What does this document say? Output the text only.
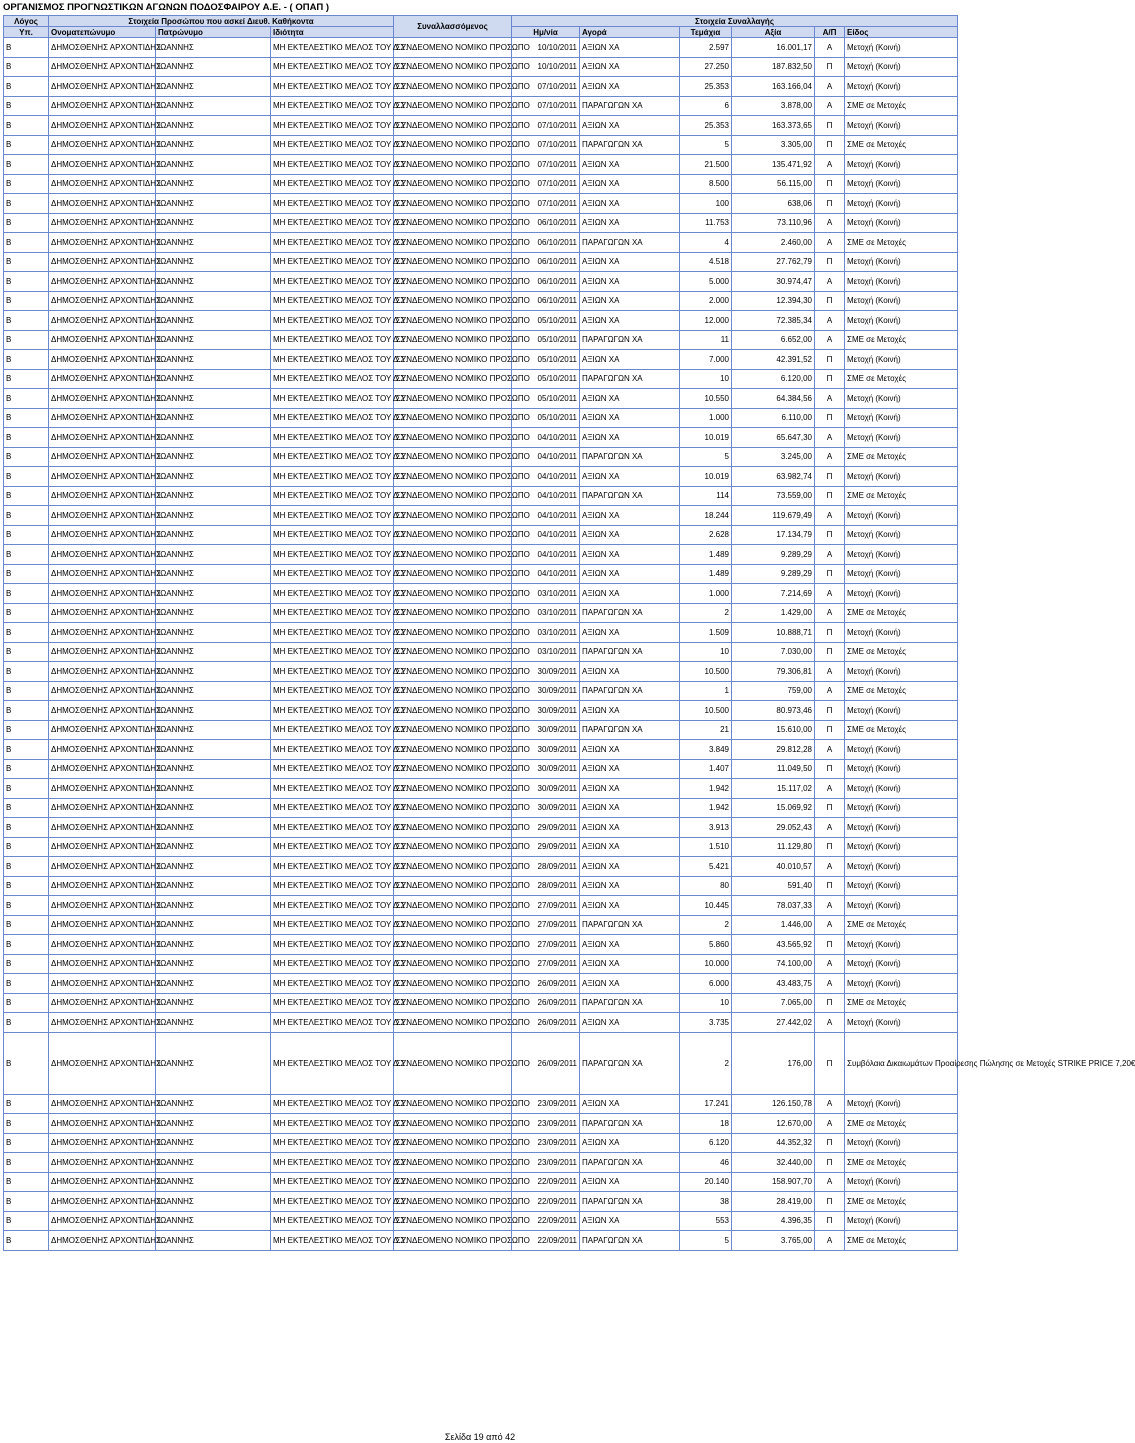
ΟΡΓΑΝΙΣΜΟΣ ΠΡΟΓΝΩΣΤΙΚΩΝ ΑΓΩΝΩΝ ΠΟΔΟΣΦΑΙΡΟΥ Α.Ε. - ( ΟΠΑΠ )
Λόγος	Στοιχεία Προσώπου που ασκεί Διευθ. Καθήκοντα			Συναλλασσόμενος	Στοιχεία Συναλλαγής					
Υπ.	Ονοματεπώνυμο	Πατρώνυμο	Ιδιότητα		Ημ/νία	Αγορά	Τεμάχια	Αξία	Α/Π	Είδος
Β	ΔΗΜΟΣΘΕΝΗΣ ΑΡΧΟΝΤΙΔΗΣ	ΙΩΑΝΝΗΣ	ΜΗ ΕΚΤΕΛΕΣΤΙΚΟ ΜΕΛΟΣ ΤΟΥ Δ.Σ.	ΣΥΝΔΕΟΜΕΝΟ ΝΟΜΙΚΟ ΠΡΟΣΩΠΟ	10/10/2011	ΑΞΙΩΝ ΧΑ	2.597	16.001,17	Α	Μετοχή (Κοινή)
Β	ΔΗΜΟΣΘΕΝΗΣ ΑΡΧΟΝΤΙΔΗΣ	ΙΩΑΝΝΗΣ	ΜΗ ΕΚΤΕΛΕΣΤΙΚΟ ΜΕΛΟΣ ΤΟΥ Δ.Σ.	ΣΥΝΔΕΟΜΕΝΟ ΝΟΜΙΚΟ ΠΡΟΣΩΠΟ	10/10/2011	ΑΞΙΩΝ ΧΑ	27.250	187.832,50	Π	Μετοχή (Κοινή)
Β	ΔΗΜΟΣΘΕΝΗΣ ΑΡΧΟΝΤΙΔΗΣ	ΙΩΑΝΝΗΣ	ΜΗ ΕΚΤΕΛΕΣΤΙΚΟ ΜΕΛΟΣ ΤΟΥ Δ.Σ.	ΣΥΝΔΕΟΜΕΝΟ ΝΟΜΙΚΟ ΠΡΟΣΩΠΟ	07/10/2011	ΑΞΙΩΝ ΧΑ	25.353	163.166,04	Α	Μετοχή (Κοινή)
Β	ΔΗΜΟΣΘΕΝΗΣ ΑΡΧΟΝΤΙΔΗΣ	ΙΩΑΝΝΗΣ	ΜΗ ΕΚΤΕΛΕΣΤΙΚΟ ΜΕΛΟΣ ΤΟΥ Δ.Σ.	ΣΥΝΔΕΟΜΕΝΟ ΝΟΜΙΚΟ ΠΡΟΣΩΠΟ	07/10/2011	ΠΑΡΑΓΩΓΩΝ ΧΑ	6	3.878,00	Α	ΣΜΕ σε Μετοχές
Β	ΔΗΜΟΣΘΕΝΗΣ ΑΡΧΟΝΤΙΔΗΣ	ΙΩΑΝΝΗΣ	ΜΗ ΕΚΤΕΛΕΣΤΙΚΟ ΜΕΛΟΣ ΤΟΥ Δ.Σ.	ΣΥΝΔΕΟΜΕΝΟ ΝΟΜΙΚΟ ΠΡΟΣΩΠΟ	07/10/2011	ΑΞΙΩΝ ΧΑ	25.353	163.373,65	Π	Μετοχή (Κοινή)
Β	ΔΗΜΟΣΘΕΝΗΣ ΑΡΧΟΝΤΙΔΗΣ	ΙΩΑΝΝΗΣ	ΜΗ ΕΚΤΕΛΕΣΤΙΚΟ ΜΕΛΟΣ ΤΟΥ Δ.Σ.	ΣΥΝΔΕΟΜΕΝΟ ΝΟΜΙΚΟ ΠΡΟΣΩΠΟ	07/10/2011	ΠΑΡΑΓΩΓΩΝ ΧΑ	5	3.305,00	Π	ΣΜΕ σε Μετοχές
Β	ΔΗΜΟΣΘΕΝΗΣ ΑΡΧΟΝΤΙΔΗΣ	ΙΩΑΝΝΗΣ	ΜΗ ΕΚΤΕΛΕΣΤΙΚΟ ΜΕΛΟΣ ΤΟΥ Δ.Σ.	ΣΥΝΔΕΟΜΕΝΟ ΝΟΜΙΚΟ ΠΡΟΣΩΠΟ	07/10/2011	ΑΞΙΩΝ ΧΑ	21.500	135.471,92	Α	Μετοχή (Κοινή)
Β	ΔΗΜΟΣΘΕΝΗΣ ΑΡΧΟΝΤΙΔΗΣ	ΙΩΑΝΝΗΣ	ΜΗ ΕΚΤΕΛΕΣΤΙΚΟ ΜΕΛΟΣ ΤΟΥ Δ.Σ.	ΣΥΝΔΕΟΜΕΝΟ ΝΟΜΙΚΟ ΠΡΟΣΩΠΟ	07/10/2011	ΑΞΙΩΝ ΧΑ	8.500	56.115,00	Π	Μετοχή (Κοινή)
Β	ΔΗΜΟΣΘΕΝΗΣ ΑΡΧΟΝΤΙΔΗΣ	ΙΩΑΝΝΗΣ	ΜΗ ΕΚΤΕΛΕΣΤΙΚΟ ΜΕΛΟΣ ΤΟΥ Δ.Σ.	ΣΥΝΔΕΟΜΕΝΟ ΝΟΜΙΚΟ ΠΡΟΣΩΠΟ	07/10/2011	ΑΞΙΩΝ ΧΑ	100	638,06	Π	Μετοχή (Κοινή)
Β	ΔΗΜΟΣΘΕΝΗΣ ΑΡΧΟΝΤΙΔΗΣ	ΙΩΑΝΝΗΣ	ΜΗ ΕΚΤΕΛΕΣΤΙΚΟ ΜΕΛΟΣ ΤΟΥ Δ.Σ.	ΣΥΝΔΕΟΜΕΝΟ ΝΟΜΙΚΟ ΠΡΟΣΩΠΟ	06/10/2011	ΑΞΙΩΝ ΧΑ	11.753	73.110,96	Α	Μετοχή (Κοινή)
Β	ΔΗΜΟΣΘΕΝΗΣ ΑΡΧΟΝΤΙΔΗΣ	ΙΩΑΝΝΗΣ	ΜΗ ΕΚΤΕΛΕΣΤΙΚΟ ΜΕΛΟΣ ΤΟΥ Δ.Σ.	ΣΥΝΔΕΟΜΕΝΟ ΝΟΜΙΚΟ ΠΡΟΣΩΠΟ	06/10/2011	ΠΑΡΑΓΩΓΩΝ ΧΑ	4	2.460,00	Α	ΣΜΕ σε Μετοχές
Β	ΔΗΜΟΣΘΕΝΗΣ ΑΡΧΟΝΤΙΔΗΣ	ΙΩΑΝΝΗΣ	ΜΗ ΕΚΤΕΛΕΣΤΙΚΟ ΜΕΛΟΣ ΤΟΥ Δ.Σ.	ΣΥΝΔΕΟΜΕΝΟ ΝΟΜΙΚΟ ΠΡΟΣΩΠΟ	06/10/2011	ΑΞΙΩΝ ΧΑ	4.518	27.762,79	Π	Μετοχή (Κοινή)
Β	ΔΗΜΟΣΘΕΝΗΣ ΑΡΧΟΝΤΙΔΗΣ	ΙΩΑΝΝΗΣ	ΜΗ ΕΚΤΕΛΕΣΤΙΚΟ ΜΕΛΟΣ ΤΟΥ Δ.Σ.	ΣΥΝΔΕΟΜΕΝΟ ΝΟΜΙΚΟ ΠΡΟΣΩΠΟ	06/10/2011	ΑΞΙΩΝ ΧΑ	5.000	30.974,47	Α	Μετοχή (Κοινή)
Β	ΔΗΜΟΣΘΕΝΗΣ ΑΡΧΟΝΤΙΔΗΣ	ΙΩΑΝΝΗΣ	ΜΗ ΕΚΤΕΛΕΣΤΙΚΟ ΜΕΛΟΣ ΤΟΥ Δ.Σ.	ΣΥΝΔΕΟΜΕΝΟ ΝΟΜΙΚΟ ΠΡΟΣΩΠΟ	06/10/2011	ΑΞΙΩΝ ΧΑ	2.000	12.394,30	Π	Μετοχή (Κοινή)
Β	ΔΗΜΟΣΘΕΝΗΣ ΑΡΧΟΝΤΙΔΗΣ	ΙΩΑΝΝΗΣ	ΜΗ ΕΚΤΕΛΕΣΤΙΚΟ ΜΕΛΟΣ ΤΟΥ Δ.Σ.	ΣΥΝΔΕΟΜΕΝΟ ΝΟΜΙΚΟ ΠΡΟΣΩΠΟ	05/10/2011	ΑΞΙΩΝ ΧΑ	12.000	72.385,34	Α	Μετοχή (Κοινή)
Β	ΔΗΜΟΣΘΕΝΗΣ ΑΡΧΟΝΤΙΔΗΣ	ΙΩΑΝΝΗΣ	ΜΗ ΕΚΤΕΛΕΣΤΙΚΟ ΜΕΛΟΣ ΤΟΥ Δ.Σ.	ΣΥΝΔΕΟΜΕΝΟ ΝΟΜΙΚΟ ΠΡΟΣΩΠΟ	05/10/2011	ΠΑΡΑΓΩΓΩΝ ΧΑ	11	6.652,00	Α	ΣΜΕ σε Μετοχές
Β	ΔΗΜΟΣΘΕΝΗΣ ΑΡΧΟΝΤΙΔΗΣ	ΙΩΑΝΝΗΣ	ΜΗ ΕΚΤΕΛΕΣΤΙΚΟ ΜΕΛΟΣ ΤΟΥ Δ.Σ.	ΣΥΝΔΕΟΜΕΝΟ ΝΟΜΙΚΟ ΠΡΟΣΩΠΟ	05/10/2011	ΑΞΙΩΝ ΧΑ	7.000	42.391,52	Π	Μετοχή (Κοινή)
Β	ΔΗΜΟΣΘΕΝΗΣ ΑΡΧΟΝΤΙΔΗΣ	ΙΩΑΝΝΗΣ	ΜΗ ΕΚΤΕΛΕΣΤΙΚΟ ΜΕΛΟΣ ΤΟΥ Δ.Σ.	ΣΥΝΔΕΟΜΕΝΟ ΝΟΜΙΚΟ ΠΡΟΣΩΠΟ	05/10/2011	ΠΑΡΑΓΩΓΩΝ ΧΑ	10	6.120,00	Π	ΣΜΕ σε Μετοχές
Β	ΔΗΜΟΣΘΕΝΗΣ ΑΡΧΟΝΤΙΔΗΣ	ΙΩΑΝΝΗΣ	ΜΗ ΕΚΤΕΛΕΣΤΙΚΟ ΜΕΛΟΣ ΤΟΥ Δ.Σ.	ΣΥΝΔΕΟΜΕΝΟ ΝΟΜΙΚΟ ΠΡΟΣΩΠΟ	05/10/2011	ΑΞΙΩΝ ΧΑ	10.550	64.384,56	Α	Μετοχή (Κοινή)
Β	ΔΗΜΟΣΘΕΝΗΣ ΑΡΧΟΝΤΙΔΗΣ	ΙΩΑΝΝΗΣ	ΜΗ ΕΚΤΕΛΕΣΤΙΚΟ ΜΕΛΟΣ ΤΟΥ Δ.Σ.	ΣΥΝΔΕΟΜΕΝΟ ΝΟΜΙΚΟ ΠΡΟΣΩΠΟ	05/10/2011	ΑΞΙΩΝ ΧΑ	1.000	6.110,00	Π	Μετοχή (Κοινή)
Β	ΔΗΜΟΣΘΕΝΗΣ ΑΡΧΟΝΤΙΔΗΣ	ΙΩΑΝΝΗΣ	ΜΗ ΕΚΤΕΛΕΣΤΙΚΟ ΜΕΛΟΣ ΤΟΥ Δ.Σ.	ΣΥΝΔΕΟΜΕΝΟ ΝΟΜΙΚΟ ΠΡΟΣΩΠΟ	04/10/2011	ΑΞΙΩΝ ΧΑ	10.019	65.647,30	Α	Μετοχή (Κοινή)
Β	ΔΗΜΟΣΘΕΝΗΣ ΑΡΧΟΝΤΙΔΗΣ	ΙΩΑΝΝΗΣ	ΜΗ ΕΚΤΕΛΕΣΤΙΚΟ ΜΕΛΟΣ ΤΟΥ Δ.Σ.	ΣΥΝΔΕΟΜΕΝΟ ΝΟΜΙΚΟ ΠΡΟΣΩΠΟ	04/10/2011	ΠΑΡΑΓΩΓΩΝ ΧΑ	5	3.245,00	Α	ΣΜΕ σε Μετοχές
Β	ΔΗΜΟΣΘΕΝΗΣ ΑΡΧΟΝΤΙΔΗΣ	ΙΩΑΝΝΗΣ	ΜΗ ΕΚΤΕΛΕΣΤΙΚΟ ΜΕΛΟΣ ΤΟΥ Δ.Σ.	ΣΥΝΔΕΟΜΕΝΟ ΝΟΜΙΚΟ ΠΡΟΣΩΠΟ	04/10/2011	ΑΞΙΩΝ ΧΑ	10.019	63.982,74	Π	Μετοχή (Κοινή)
Β	ΔΗΜΟΣΘΕΝΗΣ ΑΡΧΟΝΤΙΔΗΣ	ΙΩΑΝΝΗΣ	ΜΗ ΕΚΤΕΛΕΣΤΙΚΟ ΜΕΛΟΣ ΤΟΥ Δ.Σ.	ΣΥΝΔΕΟΜΕΝΟ ΝΟΜΙΚΟ ΠΡΟΣΩΠΟ	04/10/2011	ΠΑΡΑΓΩΓΩΝ ΧΑ	114	73.559,00	Π	ΣΜΕ σε Μετοχές
Β	ΔΗΜΟΣΘΕΝΗΣ ΑΡΧΟΝΤΙΔΗΣ	ΙΩΑΝΝΗΣ	ΜΗ ΕΚΤΕΛΕΣΤΙΚΟ ΜΕΛΟΣ ΤΟΥ Δ.Σ.	ΣΥΝΔΕΟΜΕΝΟ ΝΟΜΙΚΟ ΠΡΟΣΩΠΟ	04/10/2011	ΑΞΙΩΝ ΧΑ	18.244	119.679,49	Α	Μετοχή (Κοινή)
Β	ΔΗΜΟΣΘΕΝΗΣ ΑΡΧΟΝΤΙΔΗΣ	ΙΩΑΝΝΗΣ	ΜΗ ΕΚΤΕΛΕΣΤΙΚΟ ΜΕΛΟΣ ΤΟΥ Δ.Σ.	ΣΥΝΔΕΟΜΕΝΟ ΝΟΜΙΚΟ ΠΡΟΣΩΠΟ	04/10/2011	ΑΞΙΩΝ ΧΑ	2.628	17.134,79	Π	Μετοχή (Κοινή)
Β	ΔΗΜΟΣΘΕΝΗΣ ΑΡΧΟΝΤΙΔΗΣ	ΙΩΑΝΝΗΣ	ΜΗ ΕΚΤΕΛΕΣΤΙΚΟ ΜΕΛΟΣ ΤΟΥ Δ.Σ.	ΣΥΝΔΕΟΜΕΝΟ ΝΟΜΙΚΟ ΠΡΟΣΩΠΟ	04/10/2011	ΑΞΙΩΝ ΧΑ	1.489	9.289,29	Α	Μετοχή (Κοινή)
Β	ΔΗΜΟΣΘΕΝΗΣ ΑΡΧΟΝΤΙΔΗΣ	ΙΩΑΝΝΗΣ	ΜΗ ΕΚΤΕΛΕΣΤΙΚΟ ΜΕΛΟΣ ΤΟΥ Δ.Σ.	ΣΥΝΔΕΟΜΕΝΟ ΝΟΜΙΚΟ ΠΡΟΣΩΠΟ	04/10/2011	ΑΞΙΩΝ ΧΑ	1.489	9.289,29	Π	Μετοχή (Κοινή)
Β	ΔΗΜΟΣΘΕΝΗΣ ΑΡΧΟΝΤΙΔΗΣ	ΙΩΑΝΝΗΣ	ΜΗ ΕΚΤΕΛΕΣΤΙΚΟ ΜΕΛΟΣ ΤΟΥ Δ.Σ.	ΣΥΝΔΕΟΜΕΝΟ ΝΟΜΙΚΟ ΠΡΟΣΩΠΟ	03/10/2011	ΑΞΙΩΝ ΧΑ	1.000	7.214,69	Α	Μετοχή (Κοινή)
Β	ΔΗΜΟΣΘΕΝΗΣ ΑΡΧΟΝΤΙΔΗΣ	ΙΩΑΝΝΗΣ	ΜΗ ΕΚΤΕΛΕΣΤΙΚΟ ΜΕΛΟΣ ΤΟΥ Δ.Σ.	ΣΥΝΔΕΟΜΕΝΟ ΝΟΜΙΚΟ ΠΡΟΣΩΠΟ	03/10/2011	ΠΑΡΑΓΩΓΩΝ ΧΑ	2	1.429,00	Α	ΣΜΕ σε Μετοχές
Β	ΔΗΜΟΣΘΕΝΗΣ ΑΡΧΟΝΤΙΔΗΣ	ΙΩΑΝΝΗΣ	ΜΗ ΕΚΤΕΛΕΣΤΙΚΟ ΜΕΛΟΣ ΤΟΥ Δ.Σ.	ΣΥΝΔΕΟΜΕΝΟ ΝΟΜΙΚΟ ΠΡΟΣΩΠΟ	03/10/2011	ΑΞΙΩΝ ΧΑ	1.509	10.888,71	Π	Μετοχή (Κοινή)
Β	ΔΗΜΟΣΘΕΝΗΣ ΑΡΧΟΝΤΙΔΗΣ	ΙΩΑΝΝΗΣ	ΜΗ ΕΚΤΕΛΕΣΤΙΚΟ ΜΕΛΟΣ ΤΟΥ Δ.Σ.	ΣΥΝΔΕΟΜΕΝΟ ΝΟΜΙΚΟ ΠΡΟΣΩΠΟ	03/10/2011	ΠΑΡΑΓΩΓΩΝ ΧΑ	10	7.030,00	Π	ΣΜΕ σε Μετοχές
Β	ΔΗΜΟΣΘΕΝΗΣ ΑΡΧΟΝΤΙΔΗΣ	ΙΩΑΝΝΗΣ	ΜΗ ΕΚΤΕΛΕΣΤΙΚΟ ΜΕΛΟΣ ΤΟΥ Δ.Σ.	ΣΥΝΔΕΟΜΕΝΟ ΝΟΜΙΚΟ ΠΡΟΣΩΠΟ	30/09/2011	ΑΞΙΩΝ ΧΑ	10.500	79.306,81	Α	Μετοχή (Κοινή)
Β	ΔΗΜΟΣΘΕΝΗΣ ΑΡΧΟΝΤΙΔΗΣ	ΙΩΑΝΝΗΣ	ΜΗ ΕΚΤΕΛΕΣΤΙΚΟ ΜΕΛΟΣ ΤΟΥ Δ.Σ.	ΣΥΝΔΕΟΜΕΝΟ ΝΟΜΙΚΟ ΠΡΟΣΩΠΟ	30/09/2011	ΠΑΡΑΓΩΓΩΝ ΧΑ	1	759,00	Α	ΣΜΕ σε Μετοχές
Β	ΔΗΜΟΣΘΕΝΗΣ ΑΡΧΟΝΤΙΔΗΣ	ΙΩΑΝΝΗΣ	ΜΗ ΕΚΤΕΛΕΣΤΙΚΟ ΜΕΛΟΣ ΤΟΥ Δ.Σ.	ΣΥΝΔΕΟΜΕΝΟ ΝΟΜΙΚΟ ΠΡΟΣΩΠΟ	30/09/2011	ΑΞΙΩΝ ΧΑ	10.500	80.973,46	Π	Μετοχή (Κοινή)
Β	ΔΗΜΟΣΘΕΝΗΣ ΑΡΧΟΝΤΙΔΗΣ	ΙΩΑΝΝΗΣ	ΜΗ ΕΚΤΕΛΕΣΤΙΚΟ ΜΕΛΟΣ ΤΟΥ Δ.Σ.	ΣΥΝΔΕΟΜΕΝΟ ΝΟΜΙΚΟ ΠΡΟΣΩΠΟ	30/09/2011	ΠΑΡΑΓΩΓΩΝ ΧΑ	21	15.610,00	Π	ΣΜΕ σε Μετοχές
Β	ΔΗΜΟΣΘΕΝΗΣ ΑΡΧΟΝΤΙΔΗΣ	ΙΩΑΝΝΗΣ	ΜΗ ΕΚΤΕΛΕΣΤΙΚΟ ΜΕΛΟΣ ΤΟΥ Δ.Σ.	ΣΥΝΔΕΟΜΕΝΟ ΝΟΜΙΚΟ ΠΡΟΣΩΠΟ	30/09/2011	ΑΞΙΩΝ ΧΑ	3.849	29.812,28	Α	Μετοχή (Κοινή)
Β	ΔΗΜΟΣΘΕΝΗΣ ΑΡΧΟΝΤΙΔΗΣ	ΙΩΑΝΝΗΣ	ΜΗ ΕΚΤΕΛΕΣΤΙΚΟ ΜΕΛΟΣ ΤΟΥ Δ.Σ.	ΣΥΝΔΕΟΜΕΝΟ ΝΟΜΙΚΟ ΠΡΟΣΩΠΟ	30/09/2011	ΑΞΙΩΝ ΧΑ	1.407	11.049,50	Π	Μετοχή (Κοινή)
Β	ΔΗΜΟΣΘΕΝΗΣ ΑΡΧΟΝΤΙΔΗΣ	ΙΩΑΝΝΗΣ	ΜΗ ΕΚΤΕΛΕΣΤΙΚΟ ΜΕΛΟΣ ΤΟΥ Δ.Σ.	ΣΥΝΔΕΟΜΕΝΟ ΝΟΜΙΚΟ ΠΡΟΣΩΠΟ	30/09/2011	ΑΞΙΩΝ ΧΑ	1.942	15.117,02	Α	Μετοχή (Κοινή)
Β	ΔΗΜΟΣΘΕΝΗΣ ΑΡΧΟΝΤΙΔΗΣ	ΙΩΑΝΝΗΣ	ΜΗ ΕΚΤΕΛΕΣΤΙΚΟ ΜΕΛΟΣ ΤΟΥ Δ.Σ.	ΣΥΝΔΕΟΜΕΝΟ ΝΟΜΙΚΟ ΠΡΟΣΩΠΟ	30/09/2011	ΑΞΙΩΝ ΧΑ	1.942	15.069,92	Π	Μετοχή (Κοινή)
Β	ΔΗΜΟΣΘΕΝΗΣ ΑΡΧΟΝΤΙΔΗΣ	ΙΩΑΝΝΗΣ	ΜΗ ΕΚΤΕΛΕΣΤΙΚΟ ΜΕΛΟΣ ΤΟΥ Δ.Σ.	ΣΥΝΔΕΟΜΕΝΟ ΝΟΜΙΚΟ ΠΡΟΣΩΠΟ	29/09/2011	ΑΞΙΩΝ ΧΑ	3.913	29.052,43	Α	Μετοχή (Κοινή)
Β	ΔΗΜΟΣΘΕΝΗΣ ΑΡΧΟΝΤΙΔΗΣ	ΙΩΑΝΝΗΣ	ΜΗ ΕΚΤΕΛΕΣΤΙΚΟ ΜΕΛΟΣ ΤΟΥ Δ.Σ.	ΣΥΝΔΕΟΜΕΝΟ ΝΟΜΙΚΟ ΠΡΟΣΩΠΟ	29/09/2011	ΑΞΙΩΝ ΧΑ	1.510	11.129,80	Π	Μετοχή (Κοινή)
Β	ΔΗΜΟΣΘΕΝΗΣ ΑΡΧΟΝΤΙΔΗΣ	ΙΩΑΝΝΗΣ	ΜΗ ΕΚΤΕΛΕΣΤΙΚΟ ΜΕΛΟΣ ΤΟΥ Δ.Σ.	ΣΥΝΔΕΟΜΕΝΟ ΝΟΜΙΚΟ ΠΡΟΣΩΠΟ	28/09/2011	ΑΞΙΩΝ ΧΑ	5.421	40.010,57	Α	Μετοχή (Κοινή)
Β	ΔΗΜΟΣΘΕΝΗΣ ΑΡΧΟΝΤΙΔΗΣ	ΙΩΑΝΝΗΣ	ΜΗ ΕΚΤΕΛΕΣΤΙΚΟ ΜΕΛΟΣ ΤΟΥ Δ.Σ.	ΣΥΝΔΕΟΜΕΝΟ ΝΟΜΙΚΟ ΠΡΟΣΩΠΟ	28/09/2011	ΑΞΙΩΝ ΧΑ	80	591,40	Π	Μετοχή (Κοινή)
Β	ΔΗΜΟΣΘΕΝΗΣ ΑΡΧΟΝΤΙΔΗΣ	ΙΩΑΝΝΗΣ	ΜΗ ΕΚΤΕΛΕΣΤΙΚΟ ΜΕΛΟΣ ΤΟΥ Δ.Σ.	ΣΥΝΔΕΟΜΕΝΟ ΝΟΜΙΚΟ ΠΡΟΣΩΠΟ	27/09/2011	ΑΞΙΩΝ ΧΑ	10.445	78.037,33	Α	Μετοχή (Κοινή)
Β	ΔΗΜΟΣΘΕΝΗΣ ΑΡΧΟΝΤΙΔΗΣ	ΙΩΑΝΝΗΣ	ΜΗ ΕΚΤΕΛΕΣΤΙΚΟ ΜΕΛΟΣ ΤΟΥ Δ.Σ.	ΣΥΝΔΕΟΜΕΝΟ ΝΟΜΙΚΟ ΠΡΟΣΩΠΟ	27/09/2011	ΠΑΡΑΓΩΓΩΝ ΧΑ	2	1.446,00	Α	ΣΜΕ σε Μετοχές
Β	ΔΗΜΟΣΘΕΝΗΣ ΑΡΧΟΝΤΙΔΗΣ	ΙΩΑΝΝΗΣ	ΜΗ ΕΚΤΕΛΕΣΤΙΚΟ ΜΕΛΟΣ ΤΟΥ Δ.Σ.	ΣΥΝΔΕΟΜΕΝΟ ΝΟΜΙΚΟ ΠΡΟΣΩΠΟ	27/09/2011	ΑΞΙΩΝ ΧΑ	5.860	43.565,92	Π	Μετοχή (Κοινή)
Β	ΔΗΜΟΣΘΕΝΗΣ ΑΡΧΟΝΤΙΔΗΣ	ΙΩΑΝΝΗΣ	ΜΗ ΕΚΤΕΛΕΣΤΙΚΟ ΜΕΛΟΣ ΤΟΥ Δ.Σ.	ΣΥΝΔΕΟΜΕΝΟ ΝΟΜΙΚΟ ΠΡΟΣΩΠΟ	27/09/2011	ΑΞΙΩΝ ΧΑ	10.000	74.100,00	Α	Μετοχή (Κοινή)
Β	ΔΗΜΟΣΘΕΝΗΣ ΑΡΧΟΝΤΙΔΗΣ	ΙΩΑΝΝΗΣ	ΜΗ ΕΚΤΕΛΕΣΤΙΚΟ ΜΕΛΟΣ ΤΟΥ Δ.Σ.	ΣΥΝΔΕΟΜΕΝΟ ΝΟΜΙΚΟ ΠΡΟΣΩΠΟ	26/09/2011	ΑΞΙΩΝ ΧΑ	6.000	43.483,75	Α	Μετοχή (Κοινή)
Β	ΔΗΜΟΣΘΕΝΗΣ ΑΡΧΟΝΤΙΔΗΣ	ΙΩΑΝΝΗΣ	ΜΗ ΕΚΤΕΛΕΣΤΙΚΟ ΜΕΛΟΣ ΤΟΥ Δ.Σ.	ΣΥΝΔΕΟΜΕΝΟ ΝΟΜΙΚΟ ΠΡΟΣΩΠΟ	26/09/2011	ΠΑΡΑΓΩΓΩΝ ΧΑ	10	7.065,00	Π	ΣΜΕ σε Μετοχές
Β	ΔΗΜΟΣΘΕΝΗΣ ΑΡΧΟΝΤΙΔΗΣ	ΙΩΑΝΝΗΣ	ΜΗ ΕΚΤΕΛΕΣΤΙΚΟ ΜΕΛΟΣ ΤΟΥ Δ.Σ.	ΣΥΝΔΕΟΜΕΝΟ ΝΟΜΙΚΟ ΠΡΟΣΩΠΟ	26/09/2011	ΑΞΙΩΝ ΧΑ	3.735	27.442,02	Α	Μετοχή (Κοινή)
Β	ΔΗΜΟΣΘΕΝΗΣ ΑΡΧΟΝΤΙΔΗΣ	ΙΩΑΝΝΗΣ	ΜΗ ΕΚΤΕΛΕΣΤΙΚΟ ΜΕΛΟΣ ΤΟΥ Δ.Σ.	ΣΥΝΔΕΟΜΕΝΟ ΝΟΜΙΚΟ ΠΡΟΣΩΠΟ	26/09/2011	ΠΑΡΑΓΩΓΩΝ ΧΑ	2	176,00	Π	Συμβόλαια Δικαιωμάτων Προαίρεσης Πώλησης σε Μετοχές STRIKE PRICE 7,20€
Β	ΔΗΜΟΣΘΕΝΗΣ ΑΡΧΟΝΤΙΔΗΣ	ΙΩΑΝΝΗΣ	ΜΗ ΕΚΤΕΛΕΣΤΙΚΟ ΜΕΛΟΣ ΤΟΥ Δ.Σ.	ΣΥΝΔΕΟΜΕΝΟ ΝΟΜΙΚΟ ΠΡΟΣΩΠΟ	23/09/2011	ΑΞΙΩΝ ΧΑ	17.241	126.150,78	Α	Μετοχή (Κοινή)
Β	ΔΗΜΟΣΘΕΝΗΣ ΑΡΧΟΝΤΙΔΗΣ	ΙΩΑΝΝΗΣ	ΜΗ ΕΚΤΕΛΕΣΤΙΚΟ ΜΕΛΟΣ ΤΟΥ Δ.Σ.	ΣΥΝΔΕΟΜΕΝΟ ΝΟΜΙΚΟ ΠΡΟΣΩΠΟ	23/09/2011	ΠΑΡΑΓΩΓΩΝ ΧΑ	18	12.670,00	Α	ΣΜΕ σε Μετοχές
Β	ΔΗΜΟΣΘΕΝΗΣ ΑΡΧΟΝΤΙΔΗΣ	ΙΩΑΝΝΗΣ	ΜΗ ΕΚΤΕΛΕΣΤΙΚΟ ΜΕΛΟΣ ΤΟΥ Δ.Σ.	ΣΥΝΔΕΟΜΕΝΟ ΝΟΜΙΚΟ ΠΡΟΣΩΠΟ	23/09/2011	ΑΞΙΩΝ ΧΑ	6.120	44.352,32	Π	Μετοχή (Κοινή)
Β	ΔΗΜΟΣΘΕΝΗΣ ΑΡΧΟΝΤΙΔΗΣ	ΙΩΑΝΝΗΣ	ΜΗ ΕΚΤΕΛΕΣΤΙΚΟ ΜΕΛΟΣ ΤΟΥ Δ.Σ.	ΣΥΝΔΕΟΜΕΝΟ ΝΟΜΙΚΟ ΠΡΟΣΩΠΟ	23/09/2011	ΠΑΡΑΓΩΓΩΝ ΧΑ	46	32.440,00	Π	ΣΜΕ σε Μετοχές
Β	ΔΗΜΟΣΘΕΝΗΣ ΑΡΧΟΝΤΙΔΗΣ	ΙΩΑΝΝΗΣ	ΜΗ ΕΚΤΕΛΕΣΤΙΚΟ ΜΕΛΟΣ ΤΟΥ Δ.Σ.	ΣΥΝΔΕΟΜΕΝΟ ΝΟΜΙΚΟ ΠΡΟΣΩΠΟ	22/09/2011	ΑΞΙΩΝ ΧΑ	20.140	158.907,70	Α	Μετοχή (Κοινή)
Β	ΔΗΜΟΣΘΕΝΗΣ ΑΡΧΟΝΤΙΔΗΣ	ΙΩΑΝΝΗΣ	ΜΗ ΕΚΤΕΛΕΣΤΙΚΟ ΜΕΛΟΣ ΤΟΥ Δ.Σ.	ΣΥΝΔΕΟΜΕΝΟ ΝΟΜΙΚΟ ΠΡΟΣΩΠΟ	22/09/2011	ΠΑΡΑΓΩΓΩΝ ΧΑ	38	28.419,00	Π	ΣΜΕ σε Μετοχές
Β	ΔΗΜΟΣΘΕΝΗΣ ΑΡΧΟΝΤΙΔΗΣ	ΙΩΑΝΝΗΣ	ΜΗ ΕΚΤΕΛΕΣΤΙΚΟ ΜΕΛΟΣ ΤΟΥ Δ.Σ.	ΣΥΝΔΕΟΜΕΝΟ ΝΟΜΙΚΟ ΠΡΟΣΩΠΟ	22/09/2011	ΑΞΙΩΝ ΧΑ	553	4.396,35	Π	Μετοχή (Κοινή)
Β	ΔΗΜΟΣΘΕΝΗΣ ΑΡΧΟΝΤΙΔΗΣ	ΙΩΑΝΝΗΣ	ΜΗ ΕΚΤΕΛΕΣΤΙΚΟ ΜΕΛΟΣ ΤΟΥ Δ.Σ.	ΣΥΝΔΕΟΜΕΝΟ ΝΟΜΙΚΟ ΠΡΟΣΩΠΟ	22/09/2011	ΠΑΡΑΓΩΓΩΝ ΧΑ	5	3.765,00	Α	ΣΜΕ σε Μετοχές
Σελίδα 19 από 42
